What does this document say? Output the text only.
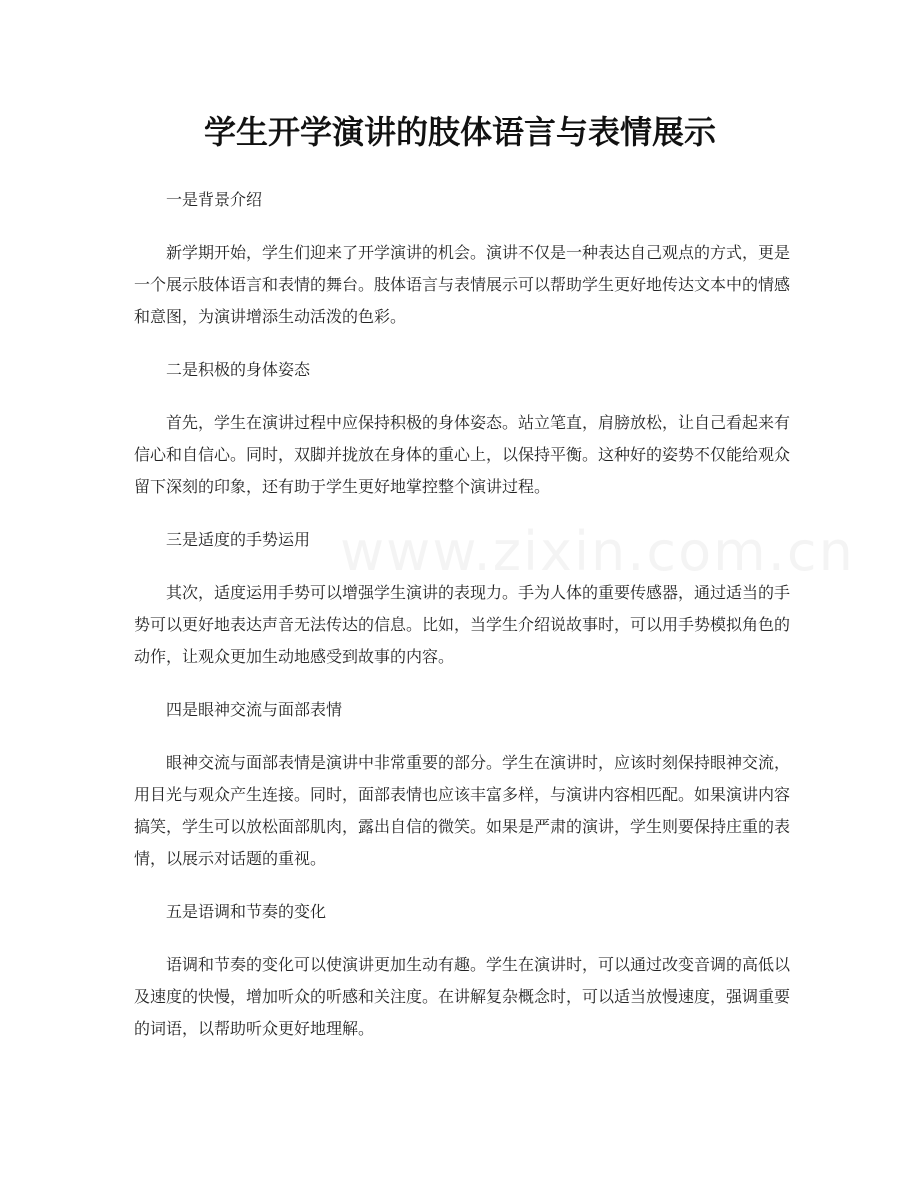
学生开学演讲的肢体语言与表情展示

一是背景介绍

新学期开始，学生们迎来了开学演讲的机会。演讲不仅是一种表达自己观点的方式，更是一个展示肢体语言和表情的舞台。肢体语言与表情展示可以帮助学生更好地传达文本中的情感和意图，为演讲增添生动活泼的色彩。

二是积极的身体姿态

首先，学生在演讲过程中应保持积极的身体姿态。站立笔直，肩膀放松，让自己看起来有信心和自信心。同时，双脚并拢放在身体的重心上，以保持平衡。这种好的姿势不仅能给观众留下深刻的印象，还有助于学生更好地掌控整个演讲过程。

三是适度的手势运用

其次，适度运用手势可以增强学生演讲的表现力。手为人体的重要传感器，通过适当的手势可以更好地表达声音无法传达的信息。比如，当学生介绍说故事时，可以用手势模拟角色的动作，让观众更加生动地感受到故事的内容。

四是眼神交流与面部表情

眼神交流与面部表情是演讲中非常重要的部分。学生在演讲时，应该时刻保持眼神交流，用目光与观众产生连接。同时，面部表情也应该丰富多样，与演讲内容相匹配。如果演讲内容搞笑，学生可以放松面部肌肉，露出自信的微笑。如果是严肃的演讲，学生则要保持庄重的表情，以展示对话题的重视。

五是语调和节奏的变化

语调和节奏的变化可以使演讲更加生动有趣。学生在演讲时，可以通过改变音调的高低以及速度的快慢，增加听众的听感和关注度。在讲解复杂概念时，可以适当放慢速度，强调重要的词语，以帮助听众更好地理解。
